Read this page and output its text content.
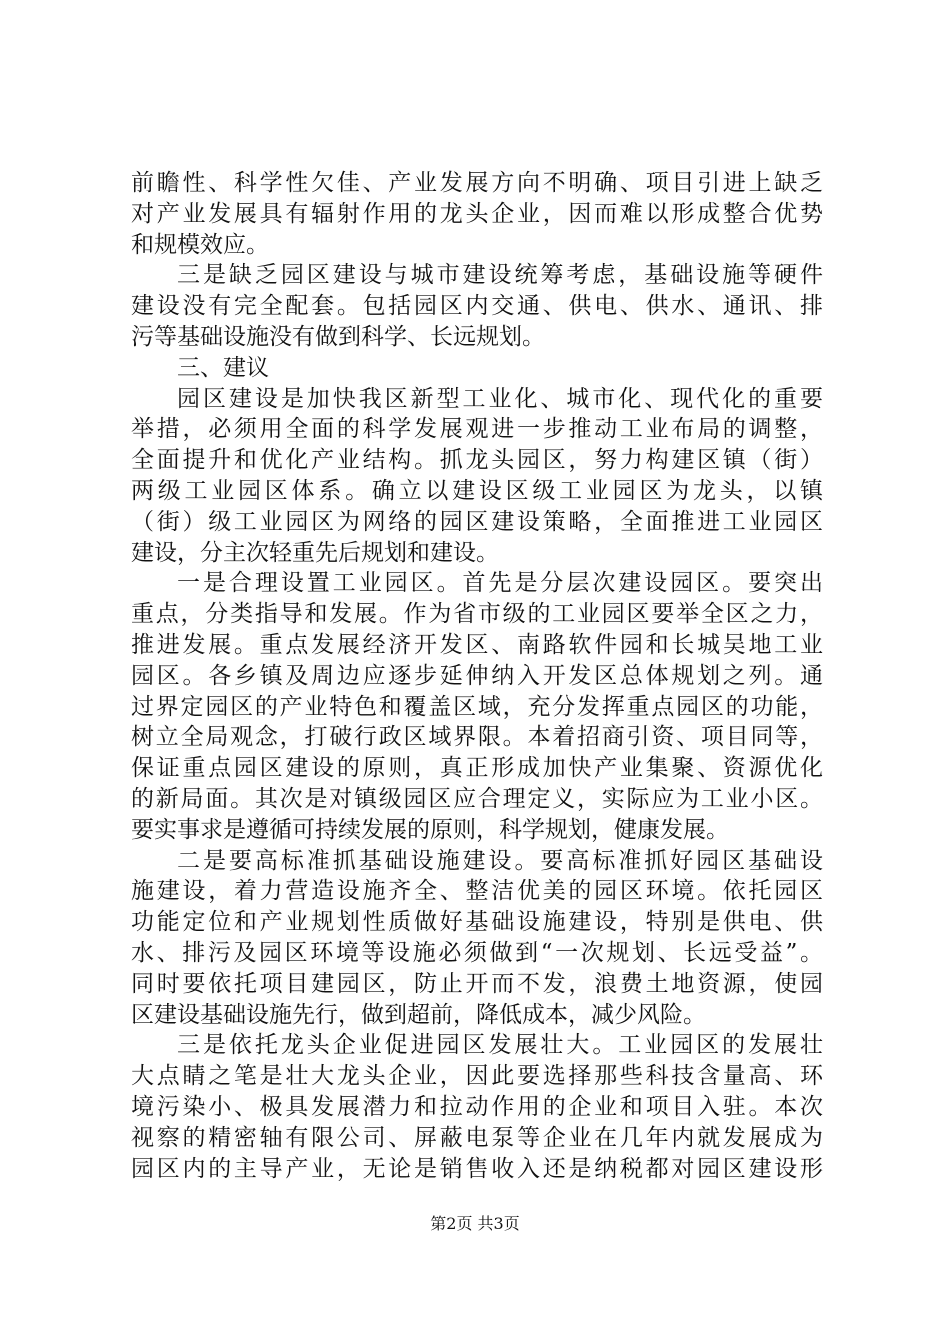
前瞻性、科学性欠佳、产业发展方向不明确、项目引进上缺乏
对产业发展具有辐射作用的龙头企业，因而难以形成整合优势
和规模效应。
三是缺乏园区建设与城市建设统筹考虑，基础设施等硬件
建设没有完全配套。包括园区内交通、供电、供水、通讯、排
污等基础设施没有做到科学、长远规划。
三、建议
园区建设是加快我区新型工业化、城市化、现代化的重要
举措，必须用全面的科学发展观进一步推动工业布局的调整，
全面提升和优化产业结构。抓龙头园区，努力构建区镇（街）
两级工业园区体系。确立以建设区级工业园区为龙头，以镇
（街）级工业园区为网络的园区建设策略，全面推进工业园区
建设，分主次轻重先后规划和建设。
一是合理设置工业园区。首先是分层次建设园区。要突出
重点，分类指导和发展。作为省市级的工业园区要举全区之力，
推进发展。重点发展经济开发区、南路软件园和长城吴地工业
园区。各乡镇及周边应逐步延伸纳入开发区总体规划之列。通
过界定园区的产业特色和覆盖区域，充分发挥重点园区的功能，
树立全局观念，打破行政区域界限。本着招商引资、项目同等，
保证重点园区建设的原则，真正形成加快产业集聚、资源优化
的新局面。其次是对镇级园区应合理定义，实际应为工业小区。
要实事求是遵循可持续发展的原则，科学规划，健康发展。
二是要高标准抓基础设施建设。要高标准抓好园区基础设
施建设，着力营造设施齐全、整洁优美的园区环境。依托园区
功能定位和产业规划性质做好基础设施建设，特别是供电、供
水、排污及园区环境等设施必须做到“一次规划、长远受益”。
同时要依托项目建园区，防止开而不发，浪费土地资源，使园
区建设基础设施先行，做到超前，降低成本，减少风险。
三是依托龙头企业促进园区发展壮大。工业园区的发展壮
大点睛之笔是壮大龙头企业，因此要选择那些科技含量高、环
境污染小、极具发展潜力和拉动作用的企业和项目入驻。本次
视察的精密轴有限公司、屏蔽电泵等企业在几年内就发展成为
园区内的主导产业，无论是销售收入还是纳税都对园区建设形
第2页 共3页
